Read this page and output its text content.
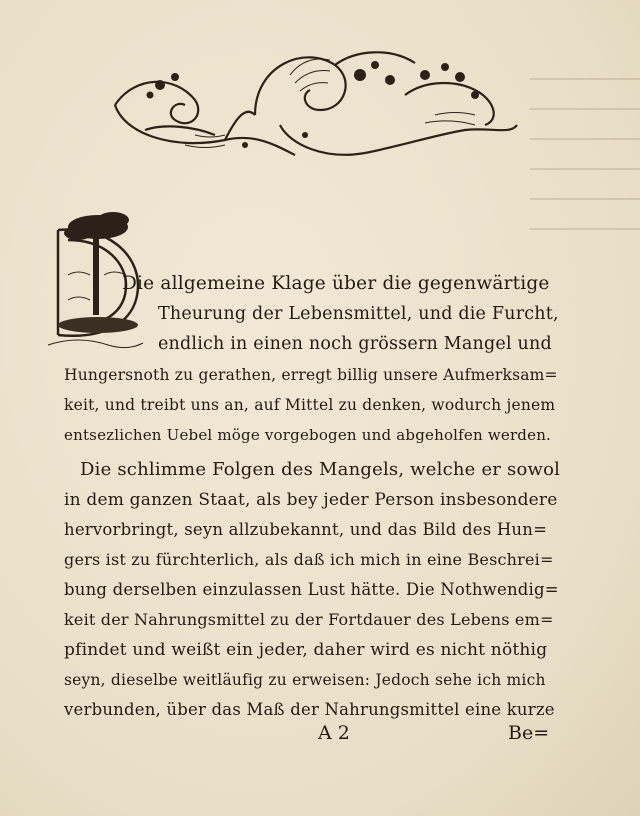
Die allgemeine Klage über die gegenwärtige
Theurung der Lebensmittel, und die Furcht,
endlich in einen noch grössern Mangel und
Hungersnoth zu gerathen, erregt billig unsere Aufmerksam=
keit, und treibt uns an, auf Mittel zu denken, wodurch jenem
entsezlichen Uebel möge vorgebogen und abgeholfen werden.
Die schlimme Folgen des Mangels, welche er sowol
in dem ganzen Staat, als bey jeder Person insbesondere
hervorbringt, seyn allzubekannt, und das Bild des Hun=
gers ist zu fürchterlich, als daß ich mich in eine Beschrei=
bung derselben einzulassen Lust hätte. Die Nothwendig=
keit der Nahrungsmittel zu der Fortdauer des Lebens em=
pfindet und weißt ein jeder, daher wird es nicht nöthig
seyn, dieselbe weitläufig zu erweisen: Jedoch sehe ich mich
verbunden, über das Maß der Nahrungsmittel eine kurze
A 2	Be=
